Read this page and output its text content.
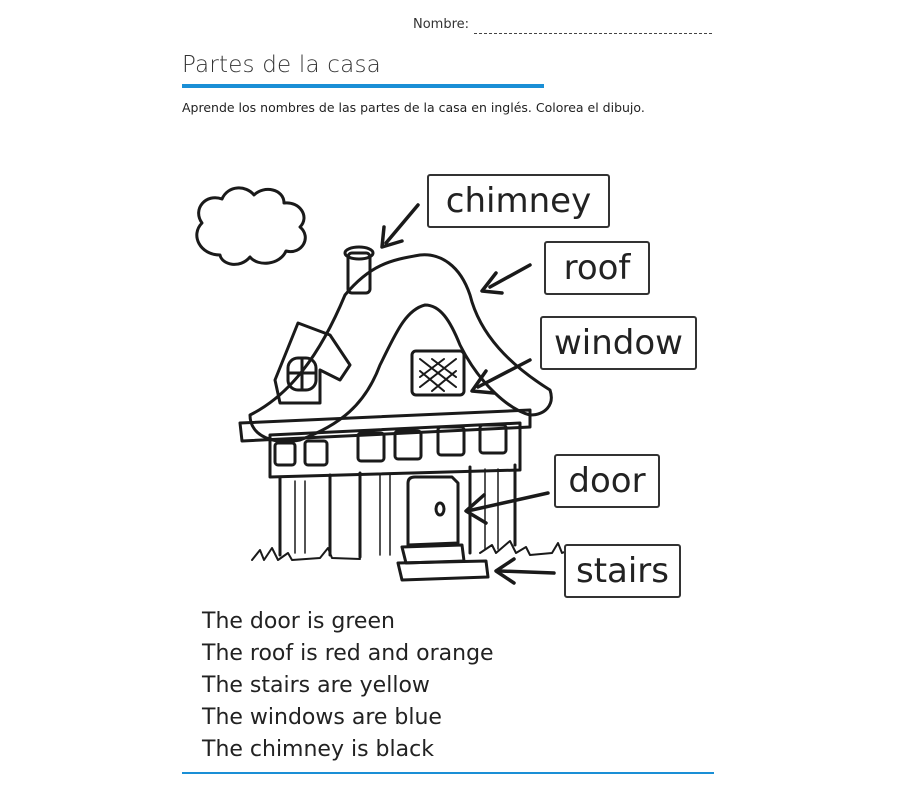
Nombre:
Partes de la casa
Aprende los nombres de las partes de la casa en inglés. Colorea el dibujo.
chimney
roof
window
door
stairs
The door is green
The roof is red and orange
The stairs are yellow
The windows are blue
The chimney is black
